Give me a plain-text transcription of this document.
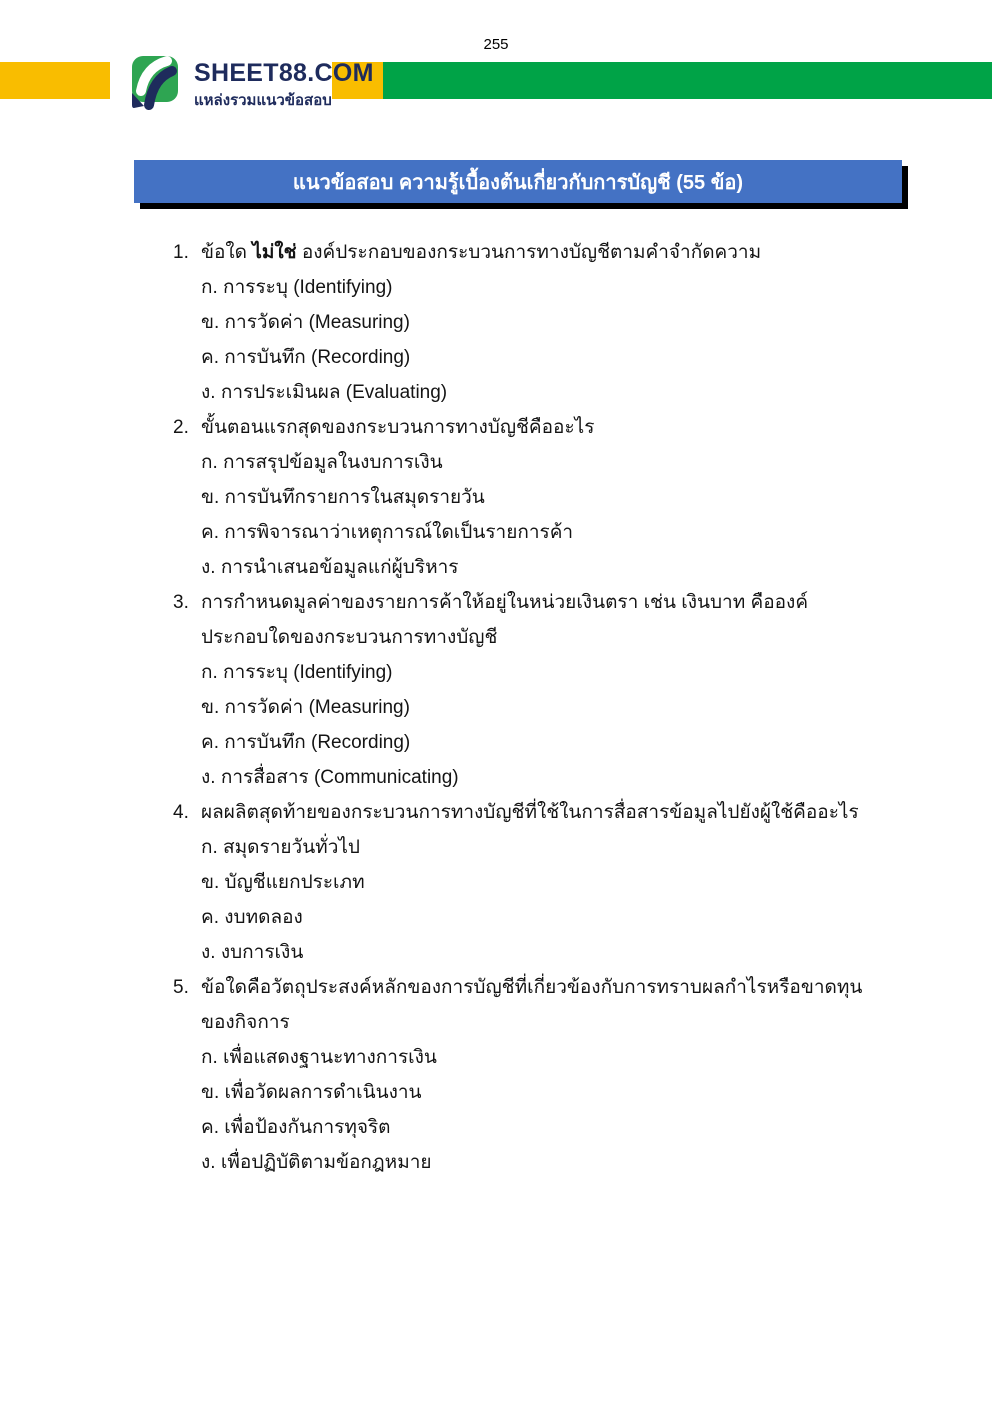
255
SHEET88.COM
แหล่งรวมแนวข้อสอบ
แนวข้อสอบ ความรู้เบื้องต้นเกี่ยวกับการบัญชี (55 ข้อ)
1. ข้อใด ไม่ใช่ องค์ประกอบของกระบวนการทางบัญชีตามคำจำกัดความ
ก. การระบุ (Identifying)
ข. การวัดค่า (Measuring)
ค. การบันทึก (Recording)
ง. การประเมินผล (Evaluating)
2. ขั้นตอนแรกสุดของกระบวนการทางบัญชีคืออะไร
ก. การสรุปข้อมูลในงบการเงิน
ข. การบันทึกรายการในสมุดรายวัน
ค. การพิจารณาว่าเหตุการณ์ใดเป็นรายการค้า
ง. การนำเสนอข้อมูลแก่ผู้บริหาร
3. การกำหนดมูลค่าของรายการค้าให้อยู่ในหน่วยเงินตรา เช่น เงินบาท คือองค์ประกอบใดของกระบวนการทางบัญชี
ก. การระบุ (Identifying)
ข. การวัดค่า (Measuring)
ค. การบันทึก (Recording)
ง. การสื่อสาร (Communicating)
4. ผลผลิตสุดท้ายของกระบวนการทางบัญชีที่ใช้ในการสื่อสารข้อมูลไปยังผู้ใช้คืออะไร
ก. สมุดรายวันทั่วไป
ข. บัญชีแยกประเภท
ค. งบทดลอง
ง. งบการเงิน
5. ข้อใดคือวัตถุประสงค์หลักของการบัญชีที่เกี่ยวข้องกับการทราบผลกำไรหรือขาดทุนของกิจการ
ก. เพื่อแสดงฐานะทางการเงิน
ข. เพื่อวัดผลการดำเนินงาน
ค. เพื่อป้องกันการทุจริต
ง. เพื่อปฏิบัติตามข้อกฎหมาย
